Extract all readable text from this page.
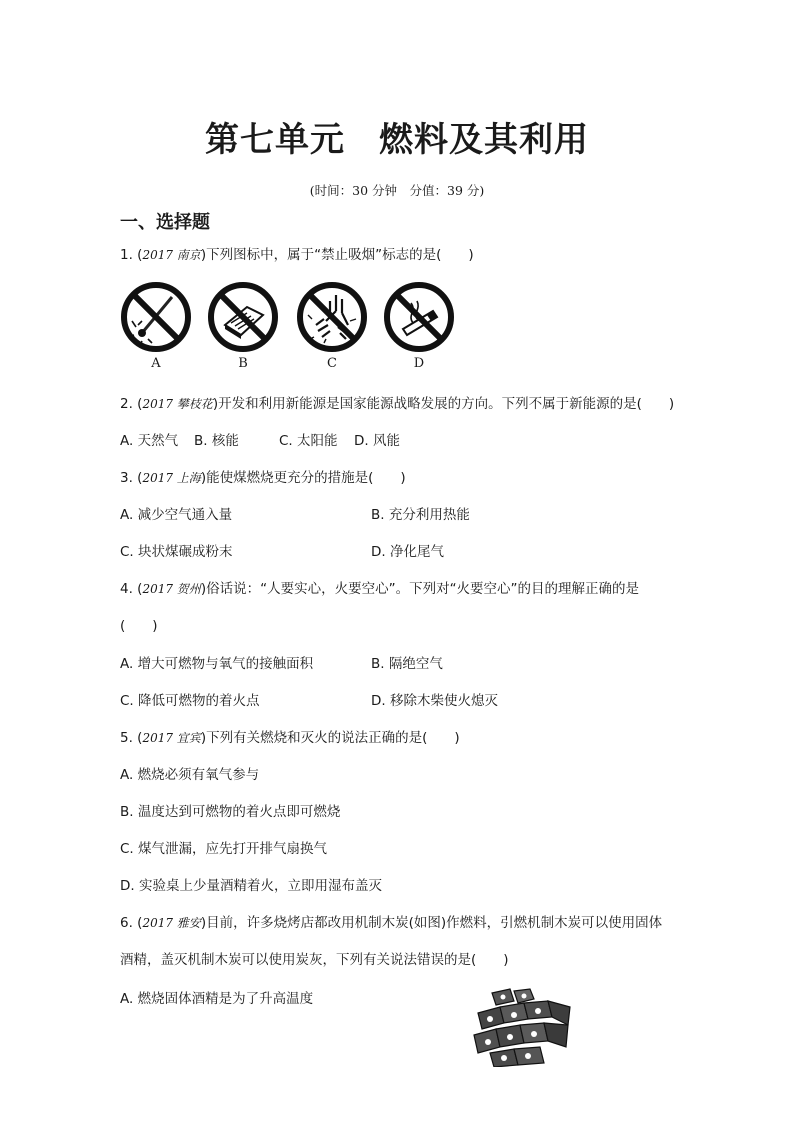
第七单元 燃料及其利用
(时间：30 分钟　分值：39 分)
一、选择题
1. (2017 南京)下列图标中，属于“禁止吸烟”标志的是(　　)
A	B	C	D
2. (2017 攀枝花)开发和利用新能源是国家能源战略发展的方向。下列不属于新能源的是(　　)
A. 天然气 B. 核能	C. 太阳能 D. 风能
3. (2017 上海)能使煤燃烧更充分的措施是(　　)
A. 减少空气通入量	B. 充分利用热能
C. 块状煤碾成粉末	D. 净化尾气
4. (2017 贺州)俗话说：“人要实心，火要空心”。下列对“火要空心”的目的理解正确的是
(　　)
A. 增大可燃物与氧气的接触面积	B. 隔绝空气
C. 降低可燃物的着火点	D. 移除木柴使火熄灭
5. (2017 宜宾)下列有关燃烧和灭火的说法正确的是(　　)
A. 燃烧必须有氧气参与
B. 温度达到可燃物的着火点即可燃烧
C. 煤气泄漏，应先打开排气扇换气
D. 实验桌上少量酒精着火，立即用湿布盖灭
6. (2017 雅安)目前，许多烧烤店都改用机制木炭(如图)作燃料，引燃机制木炭可以使用固体
酒精，盖灭机制木炭可以使用炭灰，下列有关说法错误的是(　　)
A. 燃烧固体酒精是为了升高温度
